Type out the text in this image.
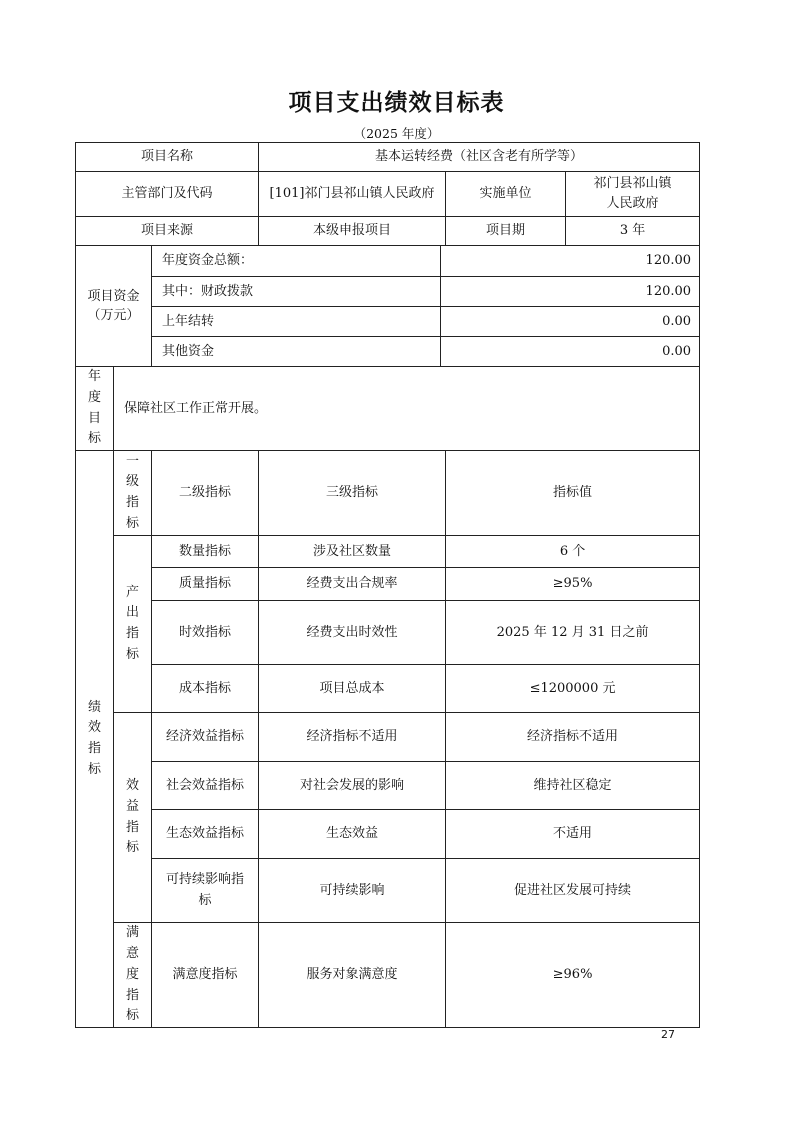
项目支出绩效目标表
（2025 年度）
项目名称			基本运转经费（社区含老有所学等）			
主管部门及代码			[101]祁门县祁山镇人民政府		实施单位	祁门县祁山镇人民政府

项目来源			本级申报项目		项目期	3 年

项目资金
（万元）		年度资金总额：		120.00		
		其中：财政拨款		120.00		
		上年结转		0.00		
		其他资金		0.00		

年度目标	保障社区工作正常开展。					

绩效指标	一级指标	二级指标	三级指标		指标值	

	产出指标	数量指标	涉及社区数量		6 个	
		质量指标	经费支出合规率		≥95%	
		时效指标	经费支出时效性		2025 年 12 月 31 日之前	
		成本指标	项目总成本		≤1200000 元	

	效益指标	经济效益指标	经济指标不适用		经济指标不适用	
		社会效益指标	对社会发展的影响		维持社区稳定	
		生态效益指标	生态效益		不适用	

		可持续影响指标	可持续影响		促进社区发展可持续	

	满意度指标	满意度指标	服务对象满意度		≥96%	
27
